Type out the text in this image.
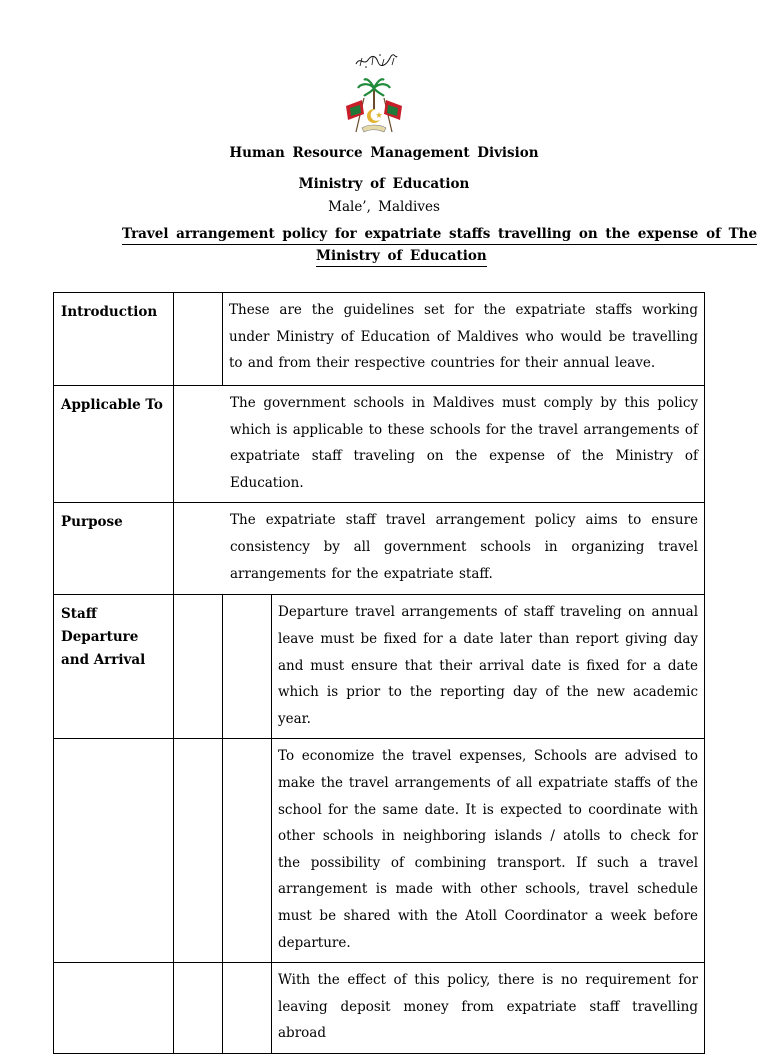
Human Resource Management Division
Ministry of Education
Male’, Maldives
Travel arrangement policy for expatriate staffs travelling on the expense of The
Ministry of Education
Introduction		These are the guidelines set for the expatriate staffs working under Ministry of Education of Maldives who would be travelling to and from their respective countries for their annual leave.	
Applicable To	The government schools in Maldives must comply by this policy which is applicable to these schools for the travel arrangements of expatriate staff traveling on the expense of the Ministry of Education.		
Purpose	The expatriate staff travel arrangement policy aims to ensure consistency by all government schools in organizing travel arrangements for the expatriate staff.		
Staff Departure and Arrival			Departure travel arrangements of staff traveling on annual leave must be fixed for a date later than report giving day and must ensure that their arrival date is fixed for a date which is prior to the reporting day of the new academic year.
			To economize the travel expenses, Schools are advised to make the travel arrangements of all expatriate staffs of the school for the same date. It is expected to coordinate with other schools in neighboring islands / atolls to check for the possibility of combining transport. If such a travel arrangement is made with other schools, travel schedule must be shared with the Atoll Coordinator a week before departure.
			With the effect of this policy, there is no requirement for leaving deposit money from expatriate staff travelling abroad
